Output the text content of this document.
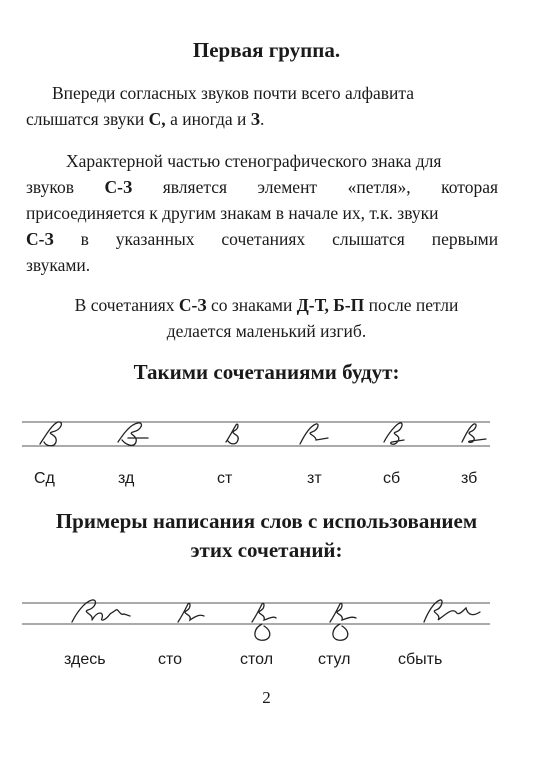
Первая группа.
Впереди согласных звуков почти всего алфавита
слышатся звуки С, а иногда и З.
Характерной частью стенографического знака для
звуков С-З является элемент «петля», которая
присоединяется к другим знакам в начале их, т.к. звуки
С-З в указанных сочетаниях слышатся первыми
звуками.
В сочетаниях С-З со знаками Д-Т, Б-П после петли
делается маленький изгиб.
Такими сочетаниями будут:
Сд	зд	ст	зт	сб	зб
Примеры написания слов с использованием
этих сочетаний:
здесь	сто	стол	стул	сбыть
2
